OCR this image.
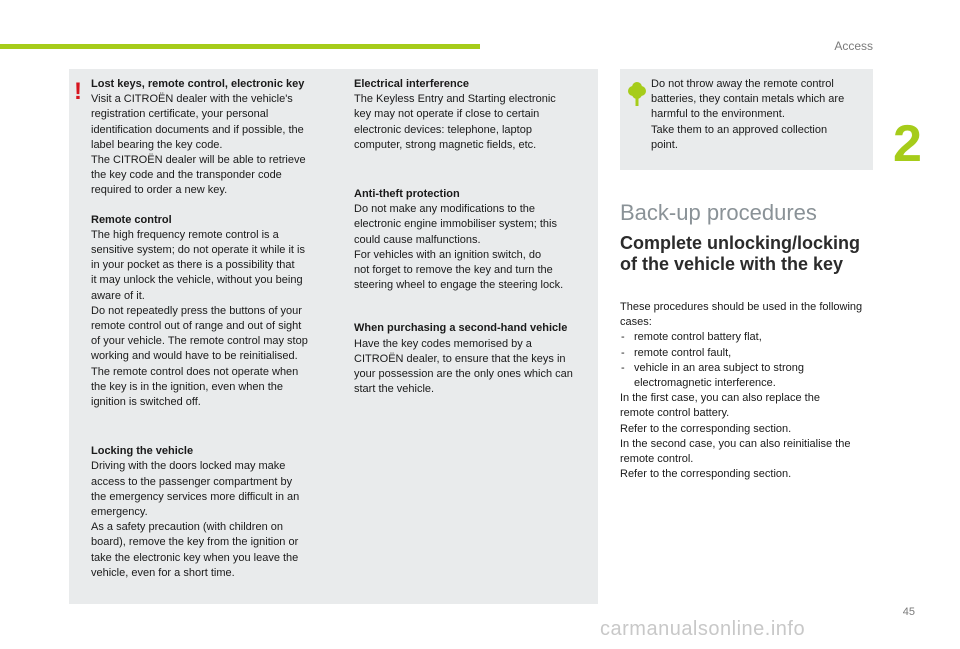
Access
2
! Lost keys, remote control, electronic key

Visit a CITROËN dealer with the vehicle's
registration certificate, your personal
identification documents and if possible, the
label bearing the key code.
The CITROËN dealer will be able to retrieve
the key code and the transponder code
required to order a new key.

Remote control

The high frequency remote control is a
sensitive system; do not operate it while it is
in your pocket as there is a possibility that
it may unlock the vehicle, without you being
aware of it.
Do not repeatedly press the buttons of your
remote control out of range and out of sight
of your vehicle. The remote control may stop
working and would have to be reinitialised.
The remote control does not operate when
the key is in the ignition, even when the
ignition is switched off.

Locking the vehicle

Driving with the doors locked may make
access to the passenger compartment by
the emergency services more difficult in an
emergency.
As a safety precaution (with children on
board), remove the key from the ignition or
take the electronic key when you leave the
vehicle, even for a short time.

Electrical interference

The Keyless Entry and Starting electronic
key may not operate if close to certain
electronic devices: telephone, laptop
computer, strong magnetic fields, etc.

Anti-theft protection

Do not make any modifications to the
electronic engine immobiliser system; this
could cause malfunctions.
For vehicles with an ignition switch, do
not forget to remove the key and turn the
steering wheel to engage the steering lock.

When purchasing a second-hand vehicle

Have the key codes memorised by a
CITROËN dealer, to ensure that the keys in
your possession are the only ones which can
start the vehicle.

Do not throw away the remote control
batteries, they contain metals which are
harmful to the environment.
Take them to an approved collection
point.
Back-up procedures
Complete unlocking/locking of the vehicle with the key
These procedures should be used in the following cases:
- remote control battery flat,
- remote control fault,
- vehicle in an area subject to strong electromagnetic interference.
In the first case, you can also replace the
remote control battery.
Refer to the corresponding section.
In the second case, you can also reinitialise the
remote control.
Refer to the corresponding section.
45
carmanualsonline.info
